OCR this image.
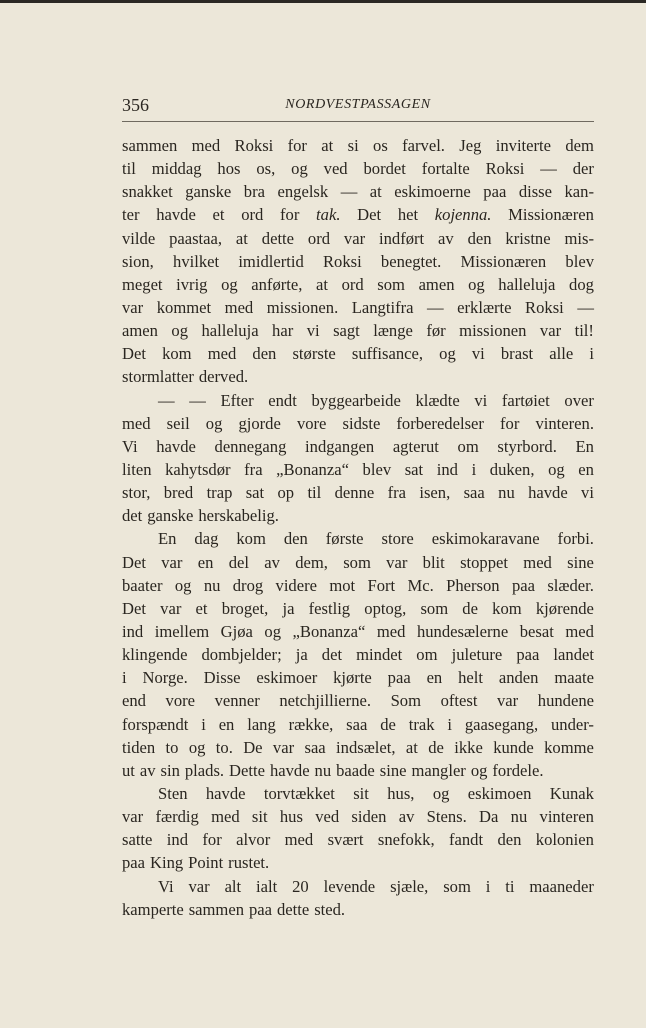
356	NORDVESTPASSAGEN
sammen med Roksi for at si os farvel. Jeg inviterte dem
til middag hos os, og ved bordet fortalte Roksi — der
snakket ganske bra engelsk — at eskimoerne paa disse kan-
ter havde et ord for tak. Det het kojenna. Missionæren
vilde paastaa, at dette ord var indført av den kristne mis-
sion, hvilket imidlertid Roksi benegtet. Missionæren blev
meget ivrig og anførte, at ord som amen og halleluja dog
var kommet med missionen. Langtifra — erklærte Roksi —
amen og halleluja har vi sagt længe før missionen var til!
Det kom med den største suffisance, og vi brast alle i
stormlatter derved.
— — Efter endt byggearbeide klædte vi fartøiet over
med seil og gjorde vore sidste forberedelser for vinteren.
Vi havde dennegang indgangen agterut om styrbord. En
liten kahytsdør fra „Bonanza“ blev sat ind i duken, og en
stor, bred trap sat op til denne fra isen, saa nu havde vi
det ganske herskabelig.
En dag kom den første store eskimokaravane forbi.
Det var en del av dem, som var blit stoppet med sine
baater og nu drog videre mot Fort Mc. Pherson paa slæder.
Det var et broget, ja festlig optog, som de kom kjørende
ind imellem Gjøa og „Bonanza“ med hundesælerne besat med
klingende dombjelder; ja det mindet om juleture paa landet
i Norge. Disse eskimoer kjørte paa en helt anden maate
end vore venner netchjillierne. Som oftest var hundene
forspændt i en lang række, saa de trak i gaasegang, under-
tiden to og to. De var saa indsælet, at de ikke kunde komme
ut av sin plads. Dette havde nu baade sine mangler og fordele.
Sten havde torvtækket sit hus, og eskimoen Kunak
var færdig med sit hus ved siden av Stens. Da nu vinteren
satte ind for alvor med svært snefokk, fandt den kolonien
paa King Point rustet.
Vi var alt ialt 20 levende sjæle, som i ti maaneder
kamperte sammen paa dette sted.
